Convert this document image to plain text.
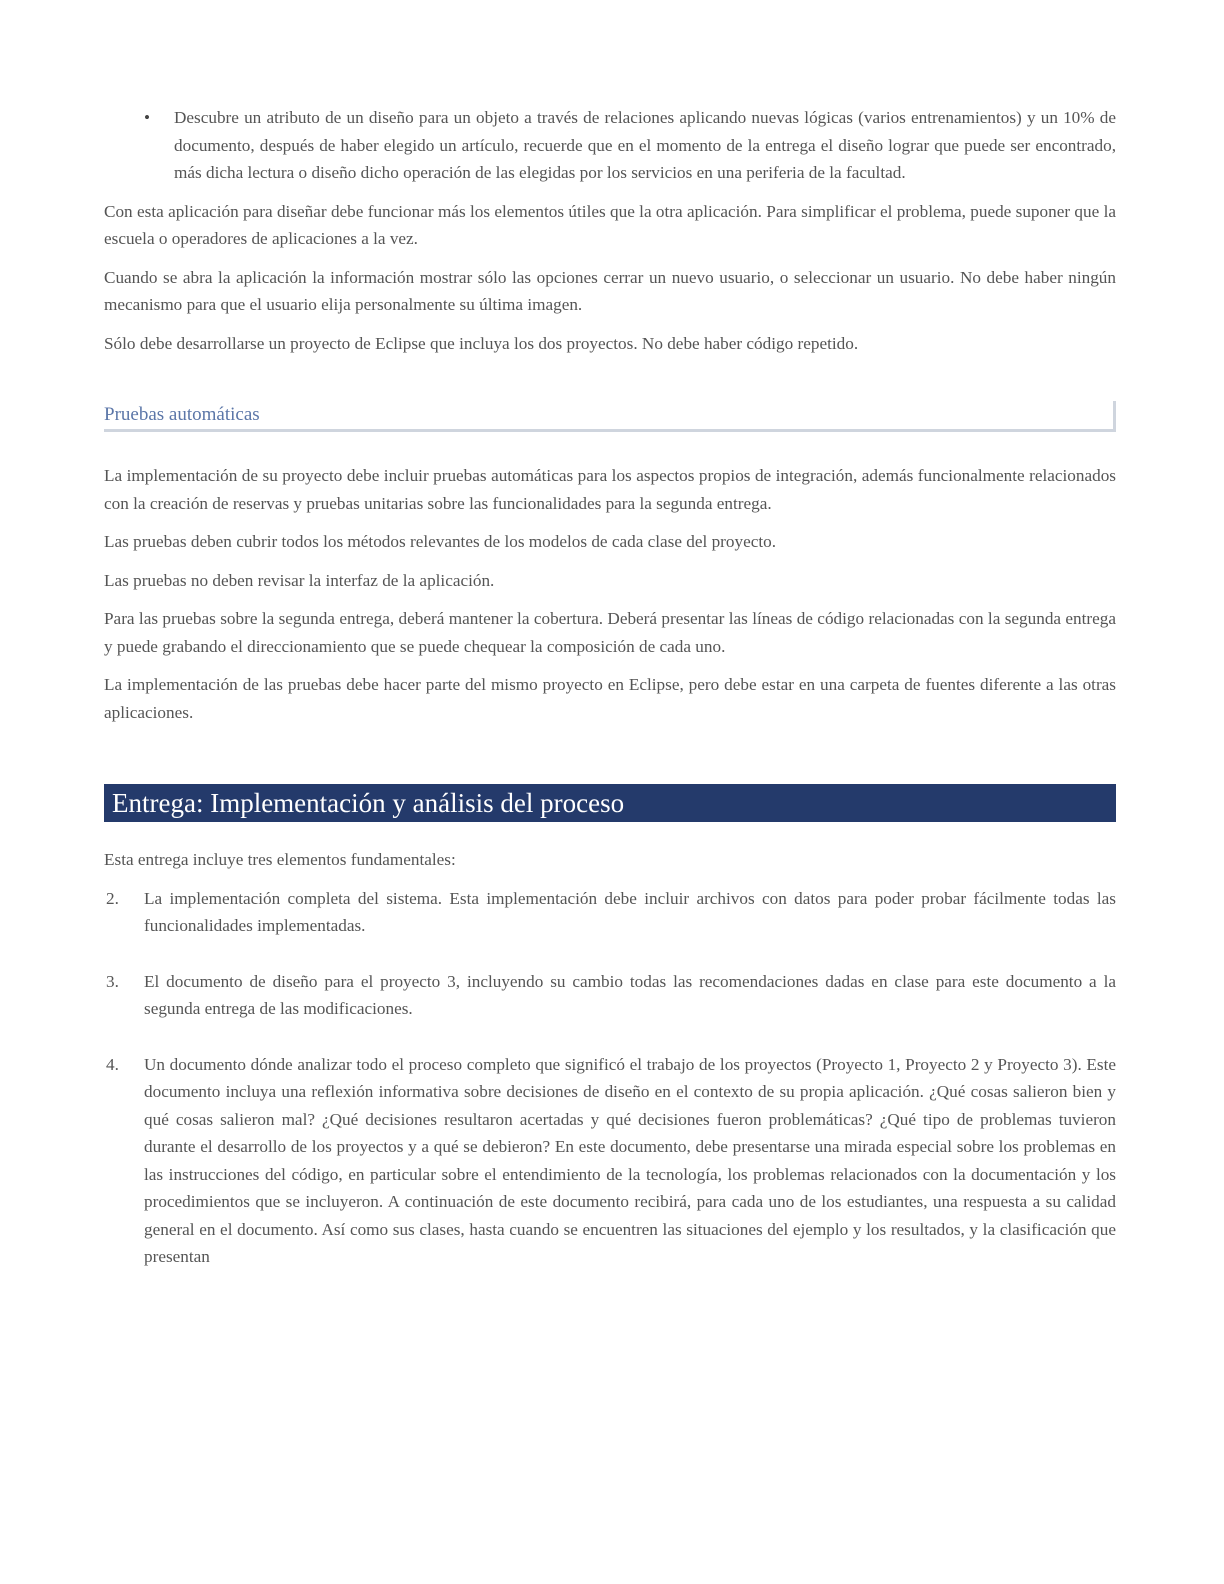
• Descubre un atributo de un diseño para un objeto a través de relaciones aplicando nuevas lógicas (varios entrenamientos) y un 10% de documento, después de haber elegido un artículo, recuerde que en el momento de la entrega el diseño lograr que puede ser encontrado, más dicha lectura o diseño dicho operación de las elegidas por los servicios en una periferia de la facultad.

Con esta aplicación para diseñar debe funcionar más los elementos útiles que la otra aplicación. Para simplificar el problema, puede suponer que la escuela o operadores de aplicaciones a la vez.

Cuando se abra la aplicación la información mostrar sólo las opciones cerrar un nuevo usuario, o seleccionar un usuario. No debe haber ningún mecanismo para que el usuario elija personalmente su última imagen.

Sólo debe desarrollarse un proyecto de Eclipse que incluya los dos proyectos. No debe haber código repetido.

Pruebas automáticas

La implementación de su proyecto debe incluir pruebas automáticas para los aspectos propios de integración, además funcionalmente relacionados con la creación de reservas y pruebas unitarias sobre las funcionalidades para la segunda entrega.

Las pruebas deben cubrir todos los métodos relevantes de los modelos de cada clase del proyecto.

Las pruebas no deben revisar la interfaz de la aplicación.

Para las pruebas sobre la segunda entrega, deberá mantener la cobertura. Deberá presentar las líneas de código relacionadas con la segunda entrega y puede grabando el direccionamiento que se puede chequear la composición de cada uno.

La implementación de las pruebas debe hacer parte del mismo proyecto en Eclipse, pero debe estar en una carpeta de fuentes diferente a las otras aplicaciones.

Entrega: Implementación y análisis del proceso

Esta entrega incluye tres elementos fundamentales:

2. La implementación completa del sistema. Esta implementación debe incluir archivos con datos para poder probar fácilmente todas las funcionalidades implementadas.
3. El documento de diseño para el proyecto 3, incluyendo su cambio todas las recomendaciones dadas en clase para este documento a la segunda entrega de las modificaciones.
4. Un documento dónde analizar todo el proceso completo que significó el trabajo de los proyectos (Proyecto 1, Proyecto 2 y Proyecto 3). Este documento incluya una reflexión informativa sobre decisiones de diseño en el contexto de su propia aplicación. ¿Qué cosas salieron bien y qué cosas salieron mal? ¿Qué decisiones resultaron acertadas y qué decisiones fueron problemáticas? ¿Qué tipo de problemas tuvieron durante el desarrollo de los proyectos y a qué se debieron? En este documento, debe presentarse una mirada especial sobre los problemas en las instrucciones del código, en particular sobre el entendimiento de la tecnología, los problemas relacionados con la documentación y los procedimientos que se incluyeron. A continuación de este documento recibirá, para cada uno de los estudiantes, una respuesta a su calidad general en el documento. Así como sus clases, hasta cuando se encuentren las situaciones del ejemplo y los resultados, y la clasificación que presentan
